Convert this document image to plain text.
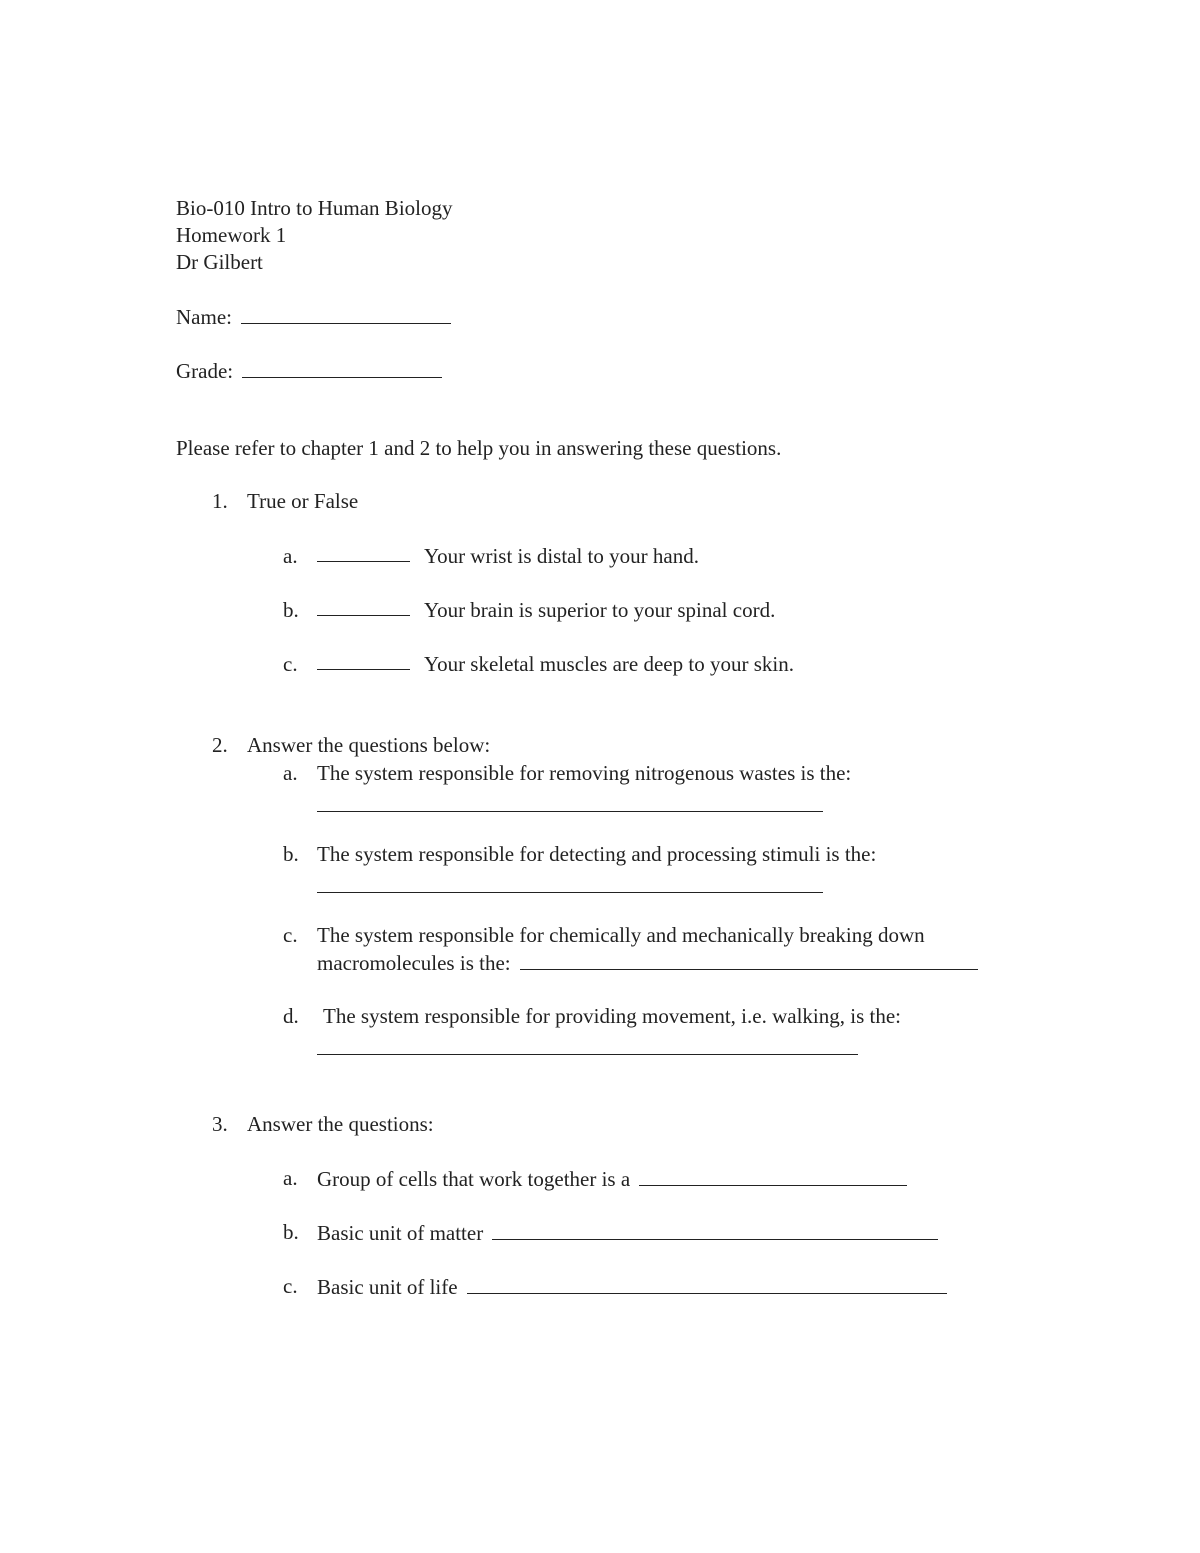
Bio-010 Intro to Human Biology
Homework 1
Dr Gilbert
Name:
Grade:
Please refer to chapter 1 and 2 to help you in answering these questions.
1. True or False
a.	Your wrist is distal to your hand.
b.	Your brain is superior to your spinal cord.
c.	Your skeletal muscles are deep to your skin.
2. Answer the questions below:
a. The system responsible for removing nitrogenous wastes is the:
b. The system responsible for detecting and processing stimuli is the:
c. The system responsible for chemically and mechanically breaking down
macromolecules is the:
d. The system responsible for providing movement, i.e. walking, is the:
3. Answer the questions:
a. Group of cells that work together is a
b. Basic unit of matter
c. Basic unit of life
